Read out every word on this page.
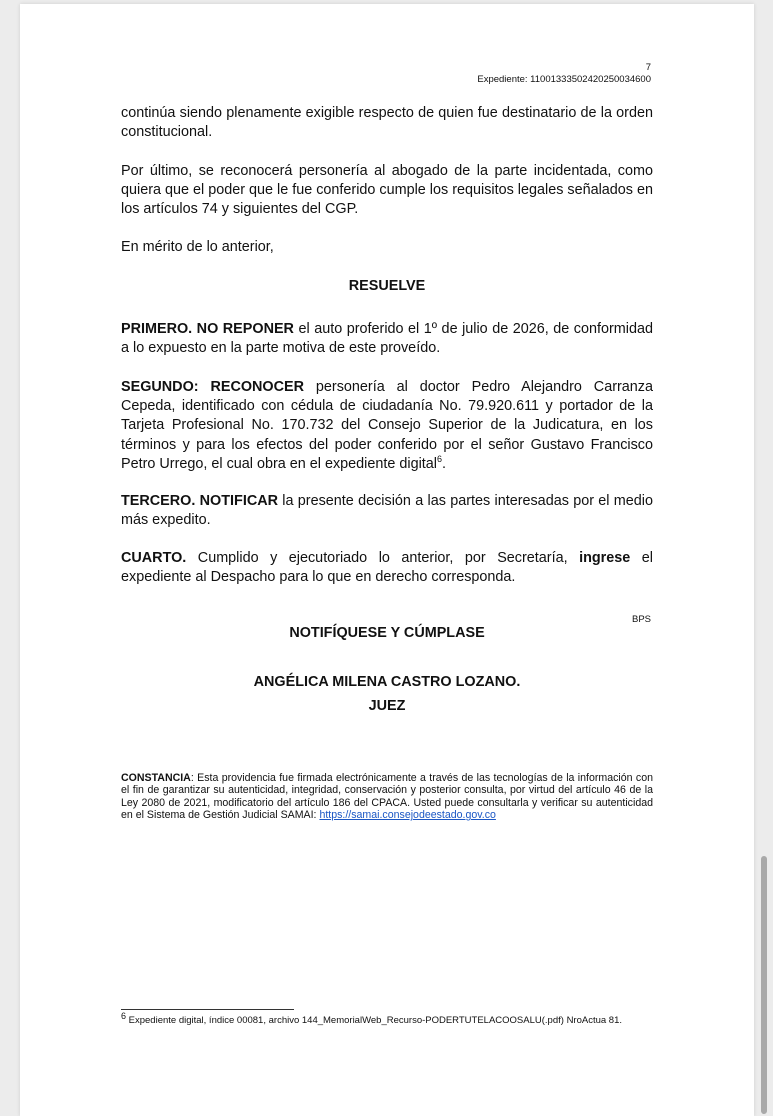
7
Expediente: 11001333502420250034600
continúa siendo plenamente exigible respecto de quien fue destinatario de la orden constitucional.
Por último, se reconocerá personería al abogado de la parte incidentada, como quiera que el poder que le fue conferido cumple los requisitos legales señalados en los artículos 74 y siguientes del CGP.
En mérito de lo anterior,
RESUELVE
PRIMERO. NO REPONER el auto proferido el 1º de julio de 2026, de conformidad a lo expuesto en la parte motiva de este proveído.
SEGUNDO: RECONOCER personería al doctor Pedro Alejandro Carranza Cepeda, identificado con cédula de ciudadanía No. 79.920.611 y portador de la Tarjeta Profesional No. 170.732 del Consejo Superior de la Judicatura, en los términos y para los efectos del poder conferido por el señor Gustavo Francisco Petro Urrego, el cual obra en el expediente digital$^6$.
TERCERO. NOTIFICAR la presente decisión a las partes interesadas por el medio más expedito.
CUARTO. Cumplido y ejecutoriado lo anterior, por Secretaría, ingrese el expediente al Despacho para lo que en derecho corresponda.
BPS
NOTIFÍQUESE Y CÚMPLASE
ANGÉLICA MILENA CASTRO LOZANO.
JUEZ
CONSTANCIA: Esta providencia fue firmada electrónicamente a través de las tecnologías de la información con el fin de garantizar su autenticidad, integridad, conservación y posterior consulta, por virtud del artículo 46 de la Ley 2080 de 2021, modificatorio del artículo 186 del CPACA. Usted puede consultarla y verificar su autenticidad en el Sistema de Gestión Judicial SAMAI: https://samai.consejodeestado.gov.co
$^6$ Expediente digital, índice 00081, archivo 144_MemorialWeb_Recurso-PODERTUTELACOOSALU(.pdf) NroActua 81.
